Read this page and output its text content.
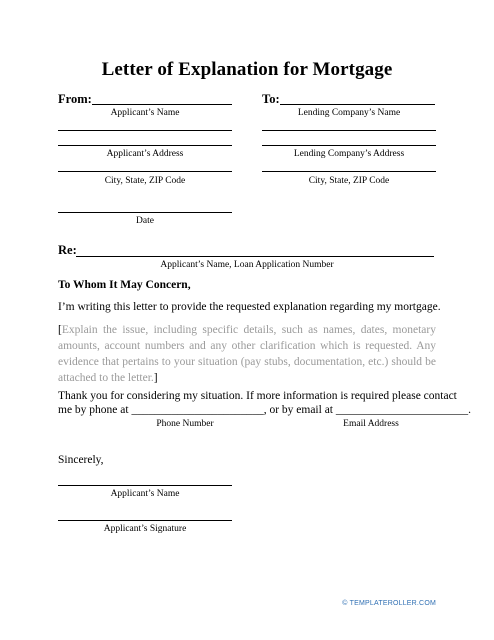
Letter of Explanation for Mortgage
From:
Applicant’s Name
To:
Lending Company’s Name
Applicant’s Address
City, State, ZIP Code
Date
Lending Company’s Address
City, State, ZIP Code
Re:
Applicant’s Name, Loan Application Number
To Whom It May Concern,
I’m writing this letter to provide the requested explanation regarding my mortgage.
[Explain the issue, including specific details, such as names, dates, monetary amounts, account numbers and any other clarification which is requested. Any evidence that pertains to your situation (pay stubs, documentation, etc.) should be attached to the letter.]
Thank you for considering my situation. If more information is required please contact
me by phone at _______________________, or by email at _______________________.
Phone Number	Email Address
Sincerely,
Applicant’s Name
Applicant’s Signature
© TEMPLATEROLLER.COM
